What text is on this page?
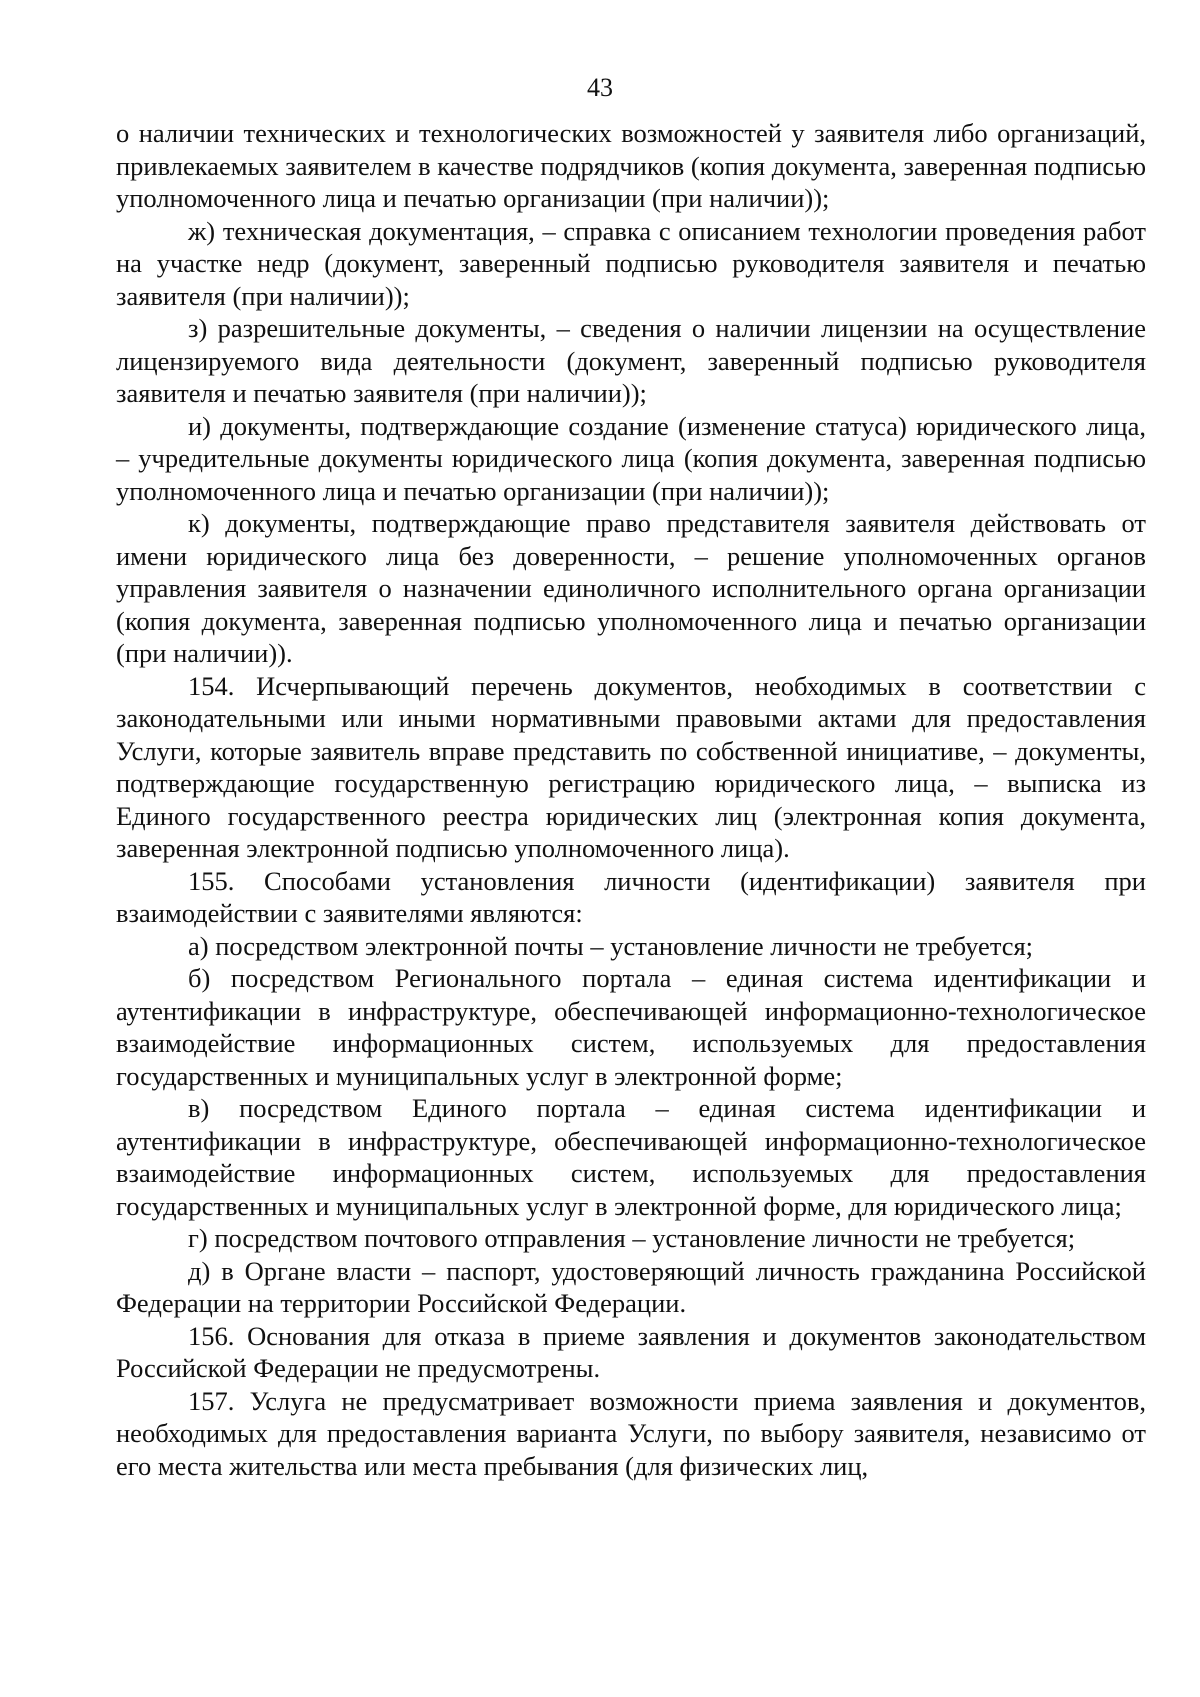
43

о наличии технических и технологических возможностей у заявителя либо организаций, привлекаемых заявителем в качестве подрядчиков (копия документа, заверенная подписью уполномоченного лица и печатью организации (при наличии));

ж) техническая документация, – справка с описанием технологии проведения работ на участке недр (документ, заверенный подписью руководителя заявителя и печатью заявителя (при наличии));

з) разрешительные документы, – сведения о наличии лицензии на осуществление лицензируемого вида деятельности (документ, заверенный подписью руководителя заявителя и печатью заявителя (при наличии));

и) документы, подтверждающие создание (изменение статуса) юридического лица, – учредительные документы юридического лица (копия документа, заверенная подписью уполномоченного лица и печатью организации (при наличии));

к) документы, подтверждающие право представителя заявителя действовать от имени юридического лица без доверенности, – решение уполномоченных органов управления заявителя о назначении единоличного исполнительного органа организации (копия документа, заверенная подписью уполномоченного лица и печатью организации (при наличии)).

154. Исчерпывающий перечень документов, необходимых в соответствии с законодательными или иными нормативными правовыми актами для предоставления Услуги, которые заявитель вправе представить по собственной инициативе, – документы, подтверждающие государственную регистрацию юридического лица, – выписка из Единого государственного реестра юридических лиц (электронная копия документа, заверенная электронной подписью уполномоченного лица).

155. Способами установления личности (идентификации) заявителя при взаимодействии с заявителями являются:

а) посредством электронной почты – установление личности не требуется;

б) посредством Регионального портала – единая система идентификации и аутентификации в инфраструктуре, обеспечивающей информационно-технологическое взаимодействие информационных систем, используемых для предоставления государственных и муниципальных услуг в электронной форме;

в) посредством Единого портала – единая система идентификации и аутентификации в инфраструктуре, обеспечивающей информационно-технологическое взаимодействие информационных систем, используемых для предоставления государственных и муниципальных услуг в электронной форме, для юридического лица;

г) посредством почтового отправления – установление личности не требуется;

д) в Органе власти – паспорт, удостоверяющий личность гражданина Российской Федерации на территории Российской Федерации.

156. Основания для отказа в приеме заявления и документов законодательством Российской Федерации не предусмотрены.

157. Услуга не предусматривает возможности приема заявления и документов, необходимых для предоставления варианта Услуги, по выбору заявителя, независимо от его места жительства или места пребывания (для физических лиц,
